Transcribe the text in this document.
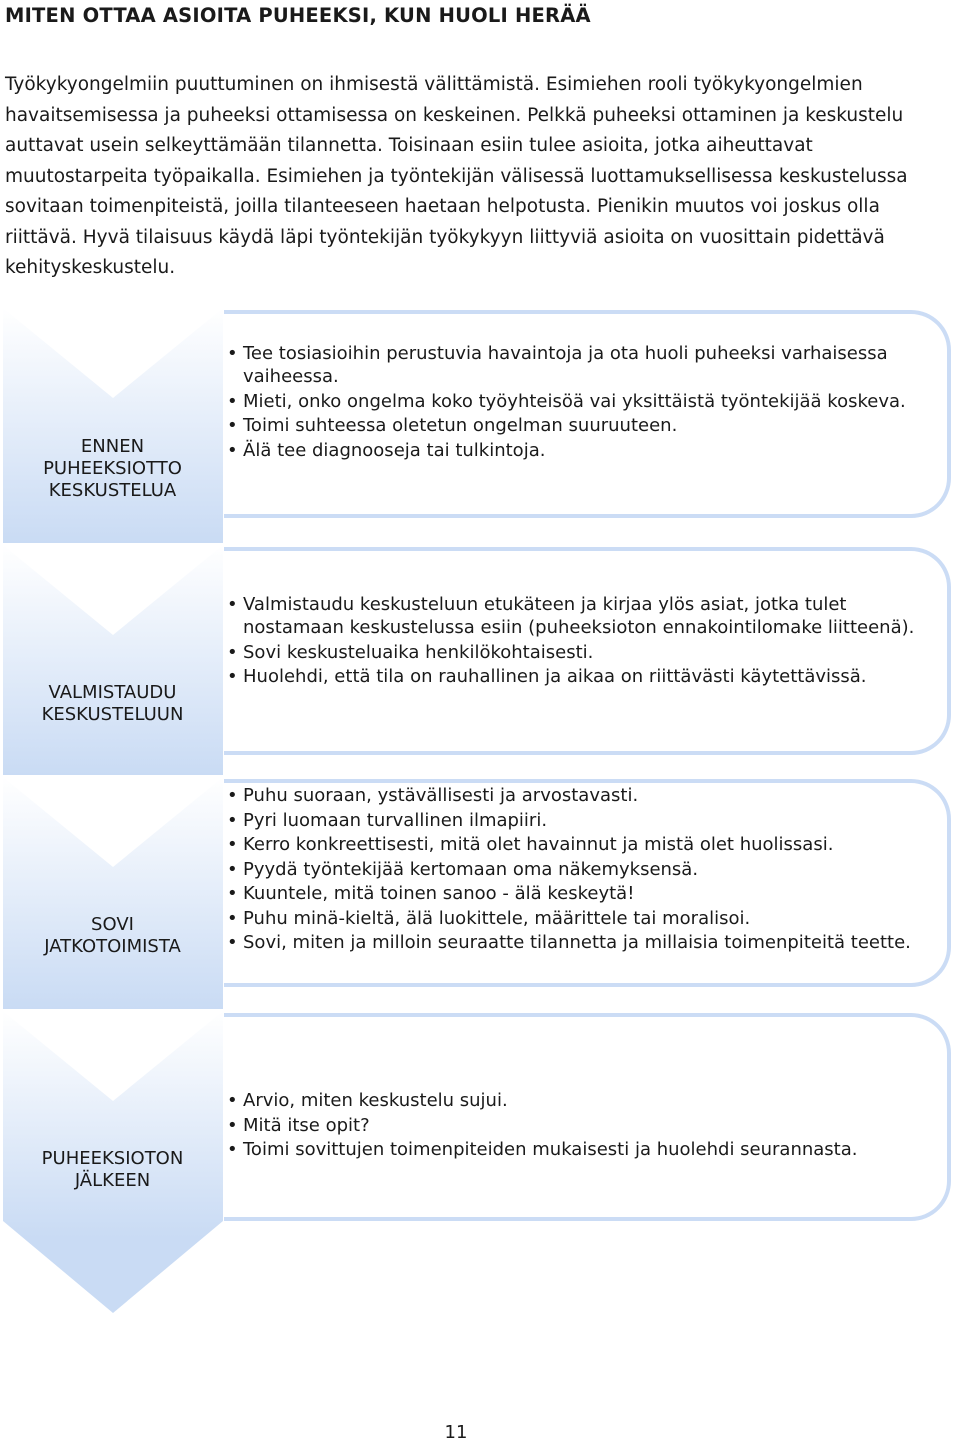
MITEN OTTAA ASIOITA PUHEEKSI, KUN HUOLI HERÄÄ

Työkykyongelmiin puuttuminen on ihmisestä välittämistä. Esimiehen rooli työkykyongelmien havaitsemisessa ja puheeksi ottamisessa on keskeinen. Pelkkä puheeksi ottaminen ja keskustelu auttavat usein selkeyttämään tilannetta. Toisinaan esiin tulee asioita, jotka aiheuttavat muutostarpeita työpaikalla. Esimiehen ja työntekijän välisessä luottamuksellisessa keskustelussa sovitaan toimenpiteistä, joilla tilanteeseen haetaan helpotusta. Pienikin muutos voi joskus olla riittävä. Hyvä tilaisuus käydä läpi työntekijän työkykyyn liittyviä asioita on vuosittain pidettävä kehityskeskustelu.

ENNEN
PUHEEKSIOTTO
KESKUSTELUA
• Tee tosiasioihin perustuvia havaintoja ja ota huoli puheeksi varhaisessa vaiheessa.
• Mieti, onko ongelma koko työyhteisöä vai yksittäistä työntekijää koskeva.
• Toimi suhteessa oletetun ongelman suuruuteen.
• Älä tee diagnooseja tai tulkintoja.
VALMISTAUDU
KESKUSTELUUN
• Valmistaudu keskusteluun etukäteen ja kirjaa ylös asiat, jotka tulet nostamaan keskustelussa esiin (puheeksioton ennakointilomake liitteenä).
• Sovi keskusteluaika henkilökohtaisesti.
• Huolehdi, että tila on rauhallinen ja aikaa on riittävästi käytettävissä.
SOVI
JATKOTOIMISTA
• Puhu suoraan, ystävällisesti ja arvostavasti.
• Pyri luomaan turvallinen ilmapiiri.
• Kerro konkreettisesti, mitä olet havainnut ja mistä olet huolissasi.
• Pyydä työntekijää kertomaan oma näkemyksensä.
• Kuuntele, mitä toinen sanoo - älä keskeytä!
• Puhu minä-kieltä, älä luokittele, määrittele tai moralisoi.
• Sovi, miten ja milloin seuraatte tilannetta ja millaisia toimenpiteitä teette.
PUHEEKSIOTON
JÄLKEEN
• Arvio, miten keskustelu sujui.
• Mitä itse opit?
• Toimi sovittujen toimenpiteiden mukaisesti ja huolehdi seurannasta.
11
